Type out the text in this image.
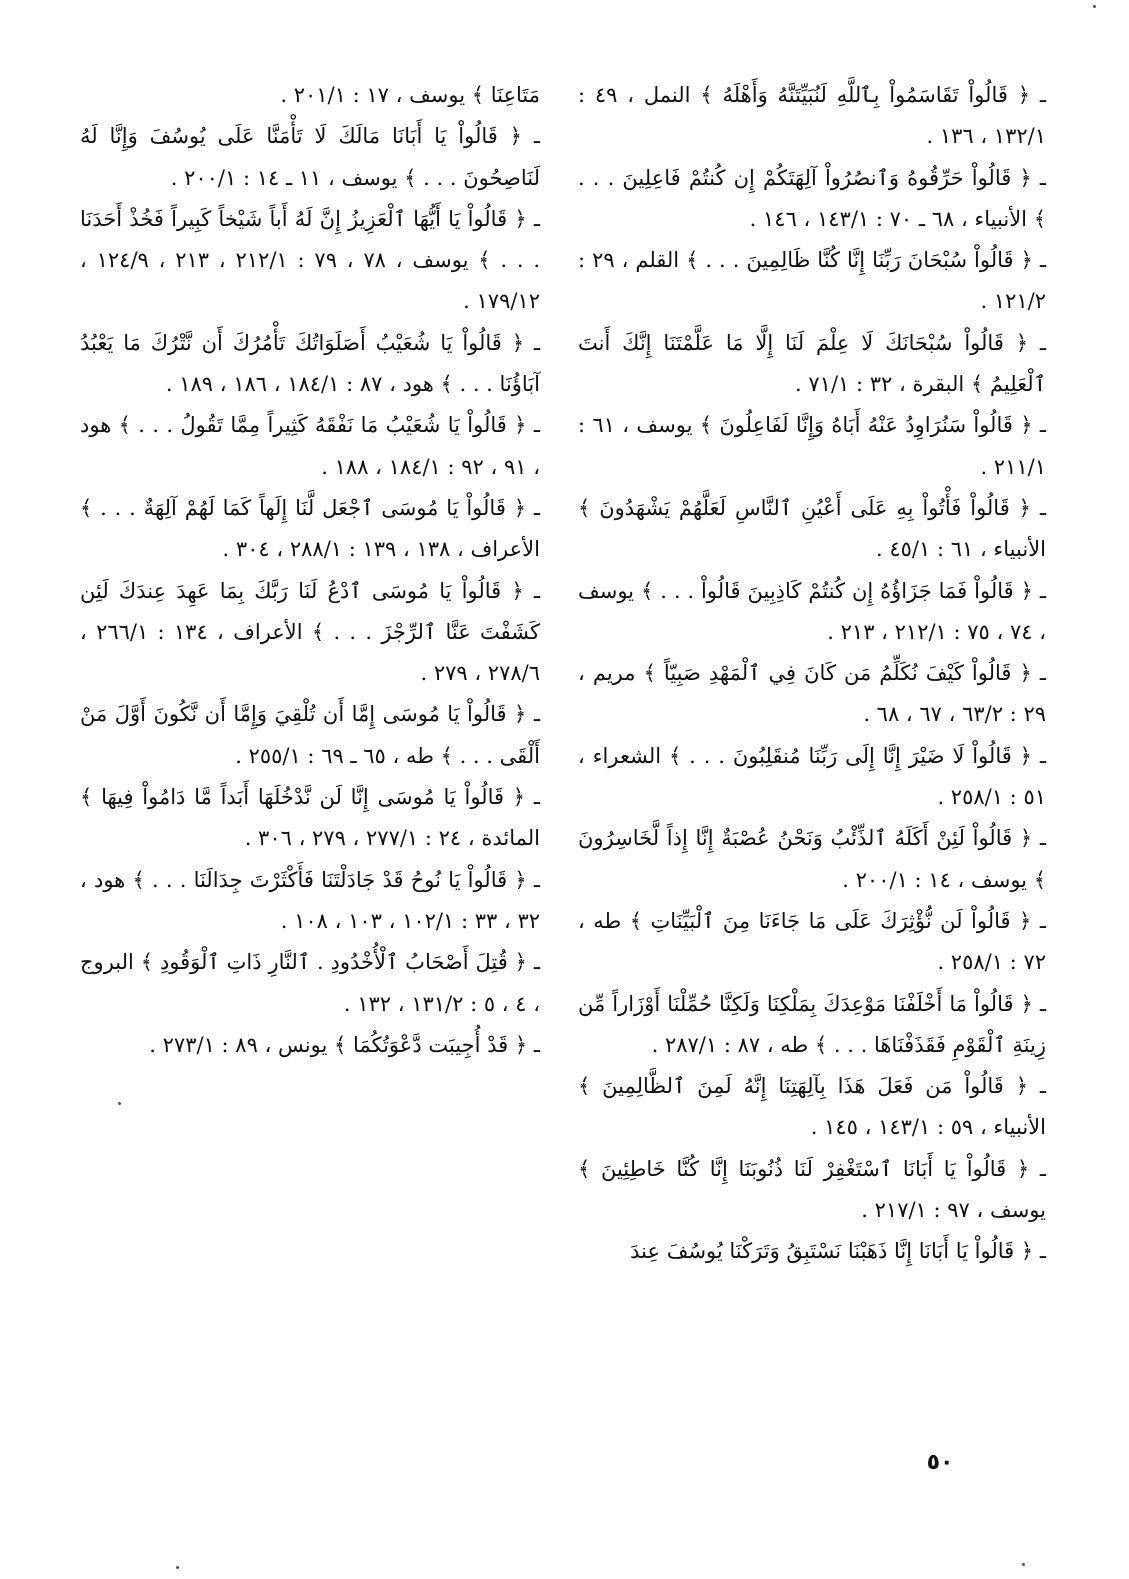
ـ ﴿ قَالُواْ تَقَاسَمُواْ بِٱللَّهِ لَنُبَيِّتَنَّهُ وَأَهْلَهُ ﴾ النمل ، ٤٩ : ١٣٢/١ ، ١٣٦ .

ـ ﴿ قَالُواْ حَرِّقُوهُ وَٱنصُرُواْ آلِهَتَكُمْ إِن كُنتُمْ فَاعِلِينَ . . . ﴾ الأنبياء ، ٦٨ ـ ٧٠ : ١٤٣/١ ، ١٤٦ .

ـ ﴿ قَالُواْ سُبْحَانَ رَبِّنَا إِنَّا كُنَّا ظَالِمِينَ . . . ﴾ القلم ، ٢٩ : ١٢١/٢ .

ـ ﴿ قَالُواْ سُبْحَانَكَ لَا عِلْمَ لَنَا إِلَّا مَا عَلَّمْتَنَا إِنَّكَ أَنتَ ٱلْعَلِيمُ ﴾ البقرة ، ٣٢ : ٧١/١ .

ـ ﴿ قَالُواْ سَنُرَاوِدُ عَنْهُ أَبَاهُ وَإِنَّا لَفَاعِلُونَ ﴾ يوسف ، ٦١ : ٢١١/١ .

ـ ﴿ قَالُواْ فَأْتُواْ بِهِ عَلَى أَعْيُنِ ٱلنَّاسِ لَعَلَّهُمْ يَشْهَدُونَ ﴾ الأنبياء ، ٦١ : ٤٥/١ .

ـ ﴿ قَالُواْ فَمَا جَزَاؤُهُ إِن كُنتُمْ كَاذِبِينَ قَالُواْ . . . ﴾ يوسف ، ٧٤ ، ٧٥ : ٢١٢/١ ، ٢١٣ .

ـ ﴿ قَالُواْ كَيْفَ نُكَلِّمُ مَن كَانَ فِي ٱلْمَهْدِ صَبِيّاً ﴾ مريم ، ٢٩ : ٦٣/٢ ، ٦٧ ، ٦٨ .

ـ ﴿ قَالُواْ لَا ضَيْرَ إِنَّا إِلَى رَبِّنَا مُنقَلِبُونَ . . . ﴾ الشعراء ، ٥١ : ٢٥٨/١ .

ـ ﴿ قَالُواْ لَئِنْ أَكَلَهُ ٱلذِّئْبُ وَنَحْنُ عُصْبَةٌ إِنَّا إِذاً لَّخَاسِرُونَ ﴾ يوسف ، ١٤ : ٢٠٠/١ .

ـ ﴿ قَالُواْ لَن نُّؤْثِرَكَ عَلَى مَا جَاءَنَا مِنَ ٱلْبَيِّنَاتِ ﴾ طه ، ٧٢ : ٢٥٨/١ .

ـ ﴿ قَالُواْ مَا أَخْلَفْنَا مَوْعِدَكَ بِمَلْكِنَا وَلَكِنَّا حُمِّلْنَا أَوْزَاراً مِّن زِينَةِ ٱلْقَوْمِ فَقَذَفْنَاهَا . . . ﴾ طه ، ٨٧ : ٢٨٧/١ .

ـ ﴿ قَالُواْ مَن فَعَلَ هَذَا بِآلِهَتِنَا إِنَّهُ لَمِنَ ٱلظَّالِمِينَ ﴾ الأنبياء ، ٥٩ : ١٤٣/١ ، ١٤٥ .

ـ ﴿ قَالُواْ يَا أَبَانَا ٱسْتَغْفِرْ لَنَا ذُنُوبَنَا إِنَّا كُنَّا خَاطِئِينَ ﴾ يوسف ، ٩٧ : ٢١٧/١ .

ـ ﴿ قَالُواْ يَا أَبَانَا إِنَّا ذَهَبْنَا نَسْتَبِقُ وَتَرَكْنَا يُوسُفَ عِندَ

مَتَاعِنَا ﴾ يوسف ، ١٧ : ٢٠١/١ .

ـ ﴿ قَالُواْ يَا أَبَانَا مَالَكَ لَا تَأْمَنَّا عَلَى يُوسُفَ وَإِنَّا لَهُ لَنَاصِحُونَ . . . ﴾ يوسف ، ١١ ـ ١٤ : ٢٠٠/١ .

ـ ﴿ قَالُواْ يَا أَيُّهَا ٱلْعَزِيزُ إِنَّ لَهُ أَباً شَيْخاً كَبِيراً فَخُذْ أَحَدَنَا . . . ﴾ يوسف ، ٧٨ ، ٧٩ : ٢١٢/١ ، ٢١٣ ، ١٢٤/٩ ، ١٧٩/١٢ .

ـ ﴿ قَالُواْ يَا شُعَيْبُ أَصَلَوَاتُكَ تَأْمُرُكَ أَن نَّتْرُكَ مَا يَعْبُدُ آبَاؤُنَا . . . ﴾ هود ، ٨٧ : ١٨٤/١ ، ١٨٦ ، ١٨٩ .

ـ ﴿ قَالُواْ يَا شُعَيْبُ مَا نَفْقَهُ كَثِيراً مِمَّا تَقُولُ . . . ﴾ هود ، ٩١ ، ٩٢ : ١٨٤/١ ، ١٨٨ .

ـ ﴿ قَالُواْ يَا مُوسَى ٱجْعَل لَّنَا إِلَهاً كَمَا لَهُمْ آلِهَةٌ . . . ﴾ الأعراف ، ١٣٨ ، ١٣٩ : ٢٨٨/١ ، ٣٠٤ .

ـ ﴿ قَالُواْ يَا مُوسَى ٱدْعُ لَنَا رَبَّكَ بِمَا عَهِدَ عِندَكَ لَئِن كَشَفْتَ عَنَّا ٱلرِّجْزَ . . . ﴾ الأعراف ، ١٣٤ : ٢٦٦/١ ، ٢٧٨/٦ ، ٢٧٩ .

ـ ﴿ قَالُواْ يَا مُوسَى إِمَّا أَن تُلْقِيَ وَإِمَّا أَن نَّكُونَ أَوَّلَ مَنْ أَلْقَى . . . ﴾ طه ، ٦٥ ـ ٦٩ : ٢٥٥/١ .

ـ ﴿ قَالُواْ يَا مُوسَى إِنَّا لَن نَّدْخُلَهَا أَبَداً مَّا دَامُواْ فِيهَا ﴾ المائدة ، ٢٤ : ٢٧٧/١ ، ٢٧٩ ، ٣٠٦ .

ـ ﴿ قَالُواْ يَا نُوحُ قَدْ جَادَلْتَنَا فَأَكْثَرْتَ جِدَالَنَا . . . ﴾ هود ، ٣٢ ، ٣٣ : ١٠٢/١ ، ١٠٣ ، ١٠٨ .

ـ ﴿ قُتِلَ أَصْحَابُ ٱلْأُخْدُودِ . ٱلنَّارِ ذَاتِ ٱلْوَقُودِ ﴾ البروج ، ٤ ، ٥ : ١٣١/٢ ، ١٣٢ .

ـ ﴿ قَدْ أُجِيبَت دَّعْوَتُكُمَا ﴾ يونس ، ٨٩ : ٢٧٣/١ .

٥٠
